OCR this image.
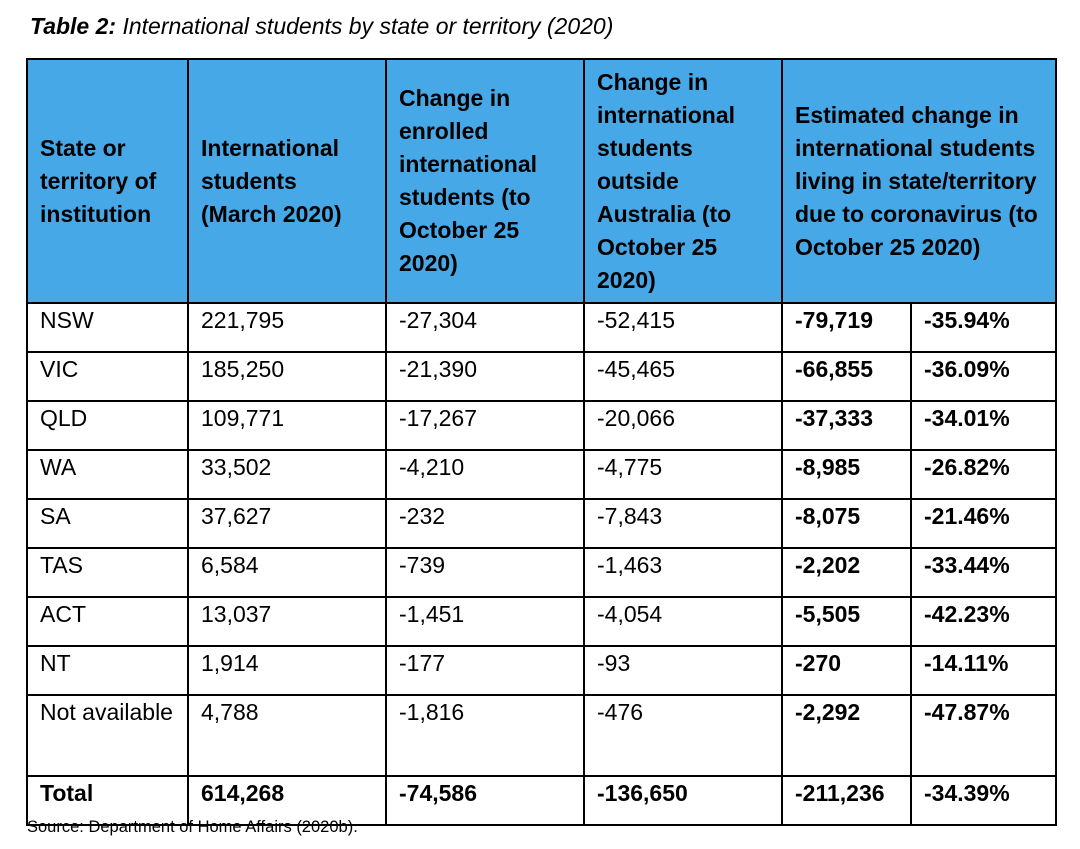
Table 2: International students by state or territory (2020)
State or territory of institution	International students (March 2020)	Change in enrolled international students (to October 25 2020)	Change in international students outside Australia (to October 25 2020)	Estimated change in international students living in state/territory due to coronavirus (to October 25 2020)	
NSW	221,795	-27,304	-52,415	-79,719	-35.94%
VIC	185,250	-21,390	-45,465	-66,855	-36.09%
QLD	109,771	-17,267	-20,066	-37,333	-34.01%
WA	33,502	-4,210	-4,775	-8,985	-26.82%
SA	37,627	-232	-7,843	-8,075	-21.46%
TAS	6,584	-739	-1,463	-2,202	-33.44%
ACT	13,037	-1,451	-4,054	-5,505	-42.23%
NT	1,914	-177	-93	-270	-14.11%
Not available	4,788	-1,816	-476	-2,292	-47.87%
Total	614,268	-74,586	-136,650	-211,236	-34.39%
Source: Department of Home Affairs (2020b).
